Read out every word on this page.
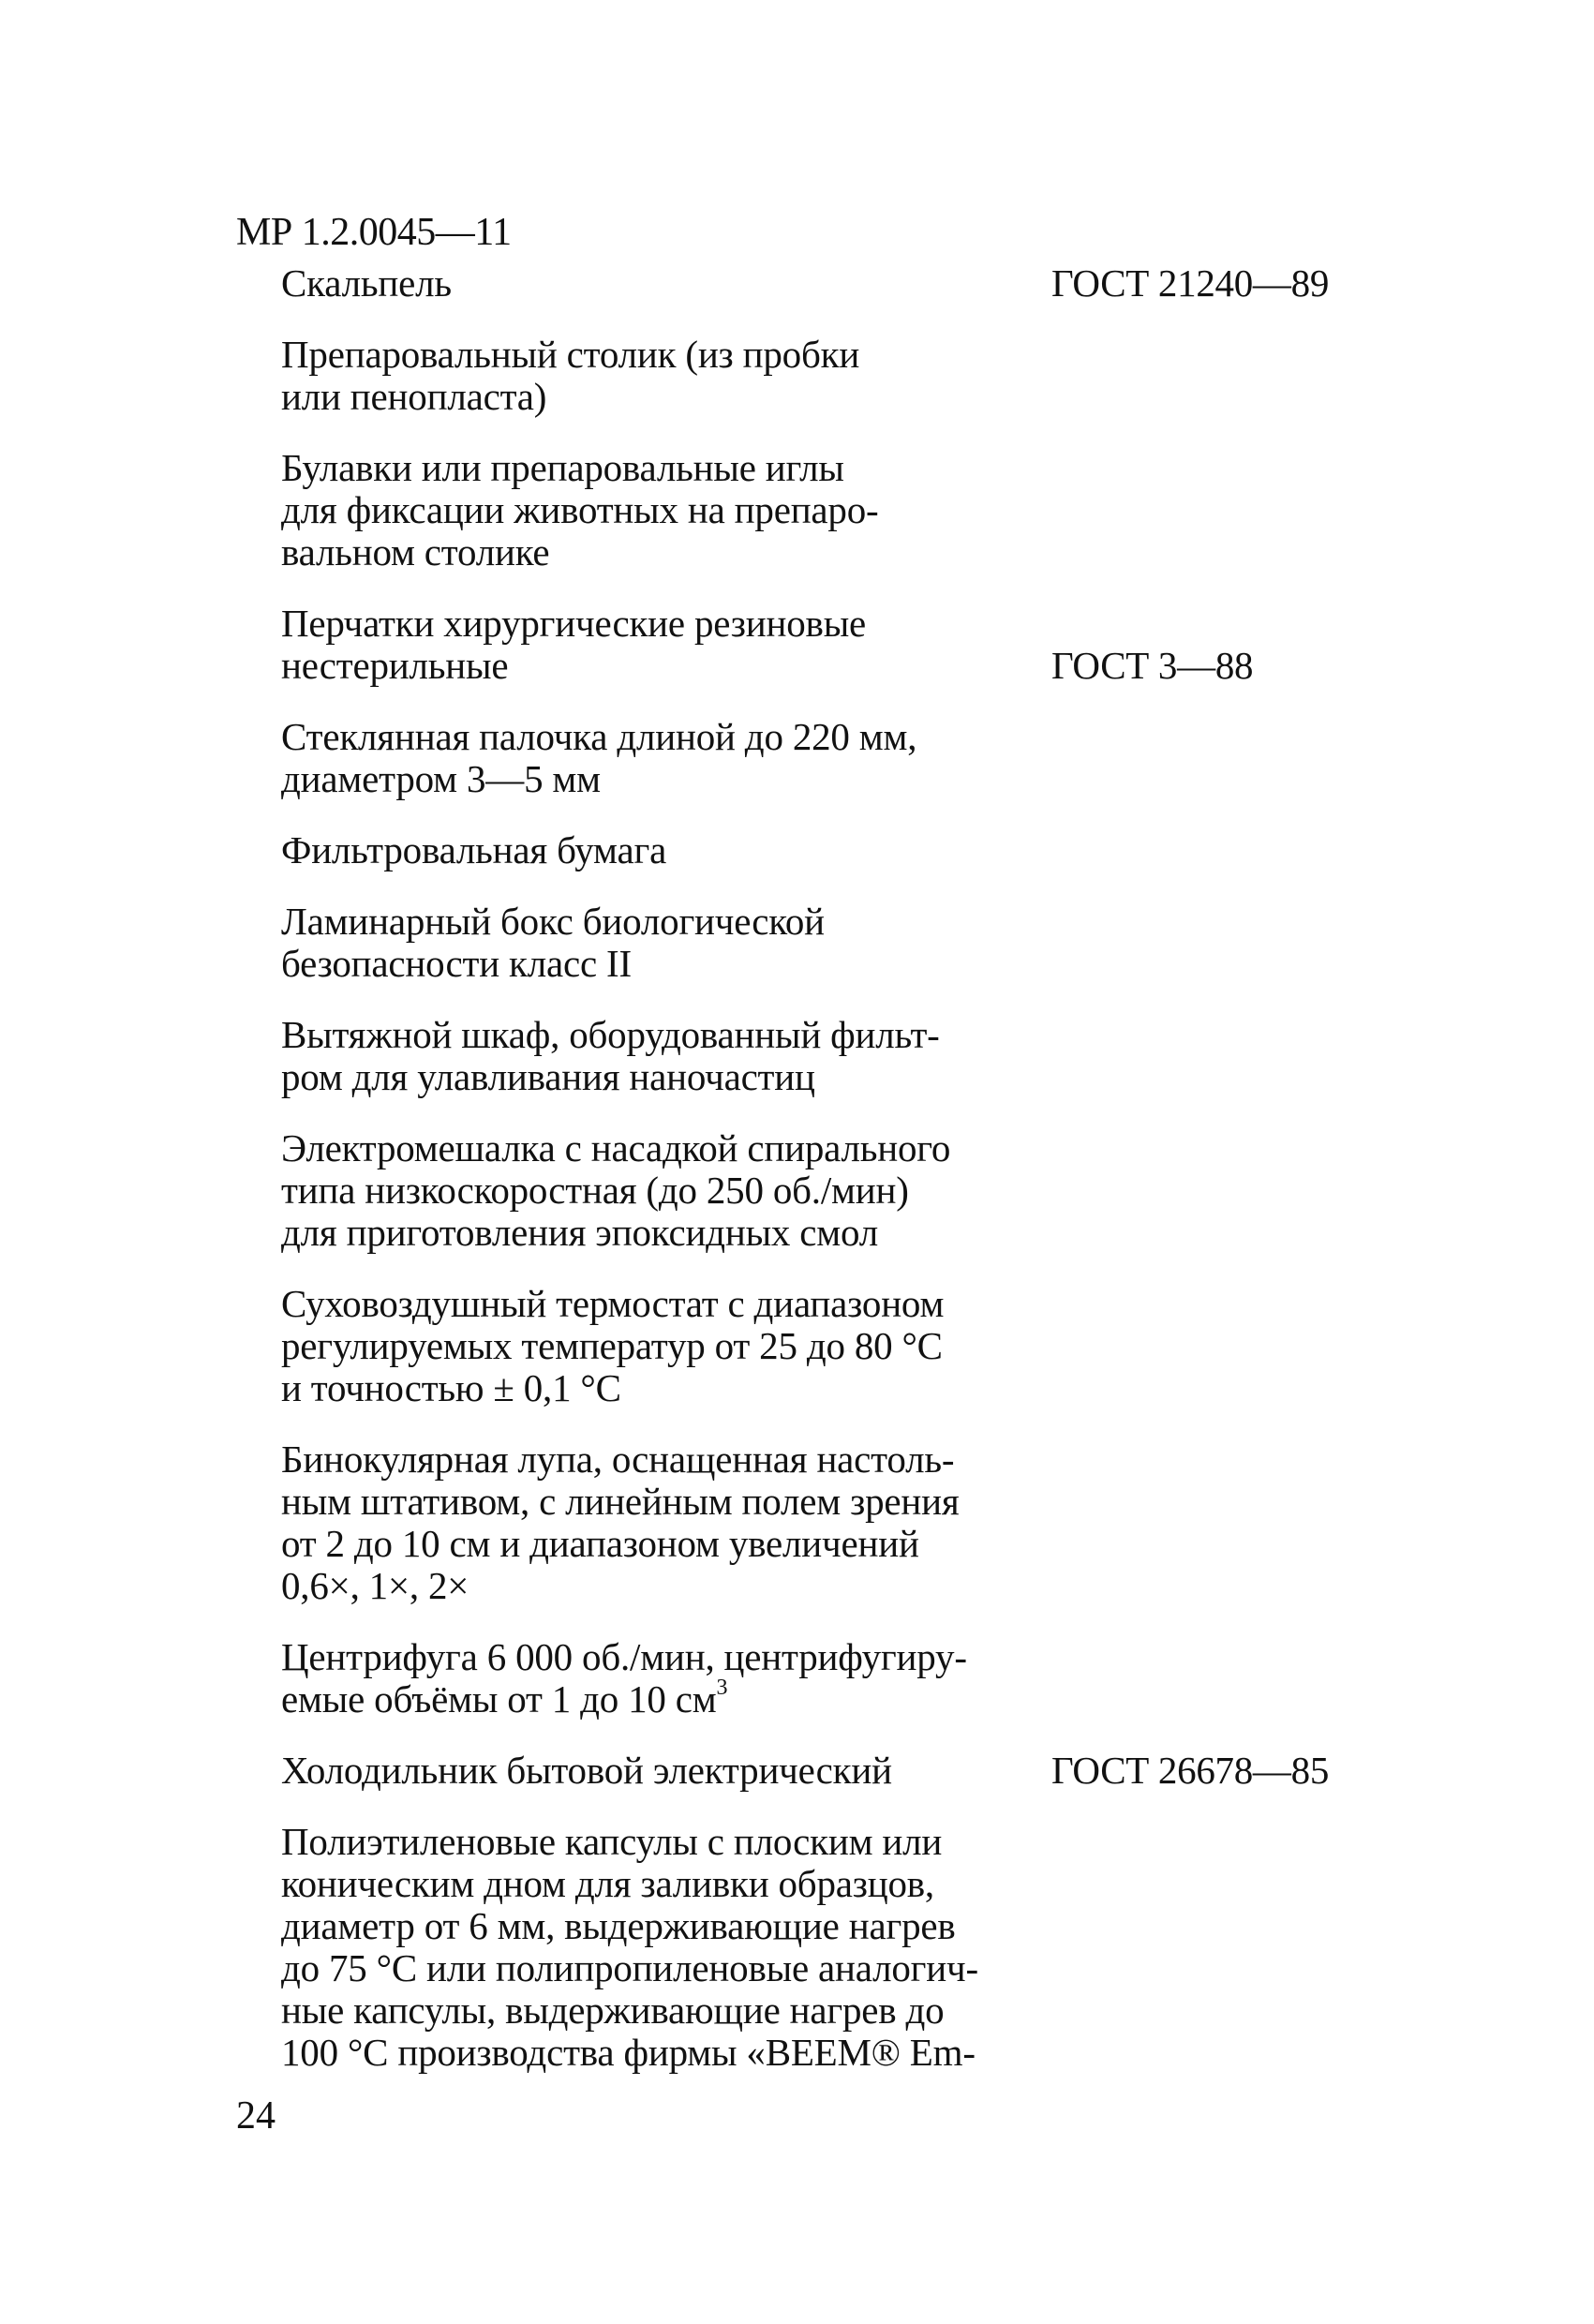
МР 1.2.0045—11
Скальпель	ГОСТ 21240—89
Препаровальный столик (из пробки
или пенопласта)
Булавки или препаровальные иглы
для фиксации животных на препаро-
вальном столике
Перчатки хирургические резиновые
нестерильные	ГОСТ 3—88
Стеклянная палочка длиной до 220 мм,
диаметром 3—5 мм
Фильтровальная бумага
Ламинарный бокс биологической
безопасности класс II
Вытяжной шкаф, оборудованный фильт-
ром для улавливания наночастиц
Электромешалка с насадкой спирального
типа низкоскоростная (до 250 об./мин)
для приготовления эпоксидных смол
Суховоздушный термостат с диапазоном
регулируемых температур от 25 до 80 °С
и точностью ± 0,1 °С
Бинокулярная лупа, оснащенная настоль-
ным штативом, с линейным полем зрения
от 2 до 10 см и диапазоном увеличений
0,6×, 1×, 2×
Центрифуга 6 000 об./мин, центрифугиру-
емые объёмы от 1 до 10 $см^3$
Холодильник бытовой электрический	ГОСТ 26678—85
Полиэтиленовые капсулы с плоским или
коническим дном для заливки образцов,
диаметр от 6 мм, выдерживающие нагрев
до 75 °С или полипропиленовые аналогич-
ные капсулы, выдерживающие нагрев до
100 °С производства фирмы «BEEM® Em-
24
